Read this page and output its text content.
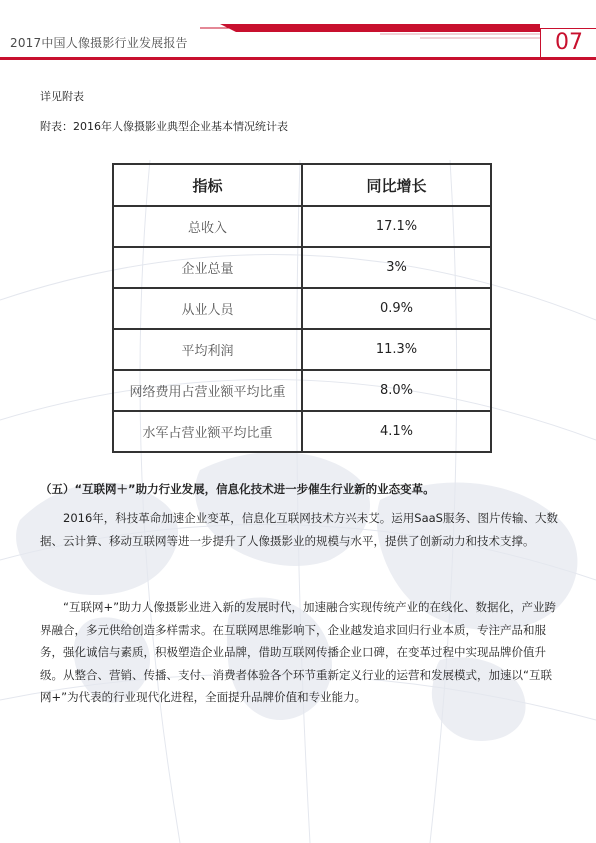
2017中国人像摄影行业发展报告	07
详见附表
附表：2016年人像摄影业典型企业基本情况统计表
指标	同比增长
总收入	17.1%
企业总量	3%
从业人员	0.9%
平均利润	11.3%
网络费用占营业额平均比重	8.0%
水军占营业额平均比重	4.1%
（五）“互联网＋”助力行业发展，信息化技术进一步催生行业新的业态变革。

2016年，科技革命加速企业变革，信息化互联网技术方兴未艾。运用SaaS服务、图片传输、大数据、云计算、移动互联网等进一步提升了人像摄影业的规模与水平，提供了创新动力和技术支撑。

“互联网+”助力人像摄影业进入新的发展时代，加速融合实现传统产业的在线化、数据化，产业跨界融合，多元供给创造多样需求。在互联网思维影响下，企业越发追求回归行业本质，专注产品和服务，强化诚信与素质，积极塑造企业品牌，借助互联网传播企业口碑，在变革过程中实现品牌价值升级。从整合、营销、传播、支付、消费者体验各个环节重新定义行业的运营和发展模式，加速以“互联网+”为代表的行业现代化进程，全面提升品牌价值和专业能力。
